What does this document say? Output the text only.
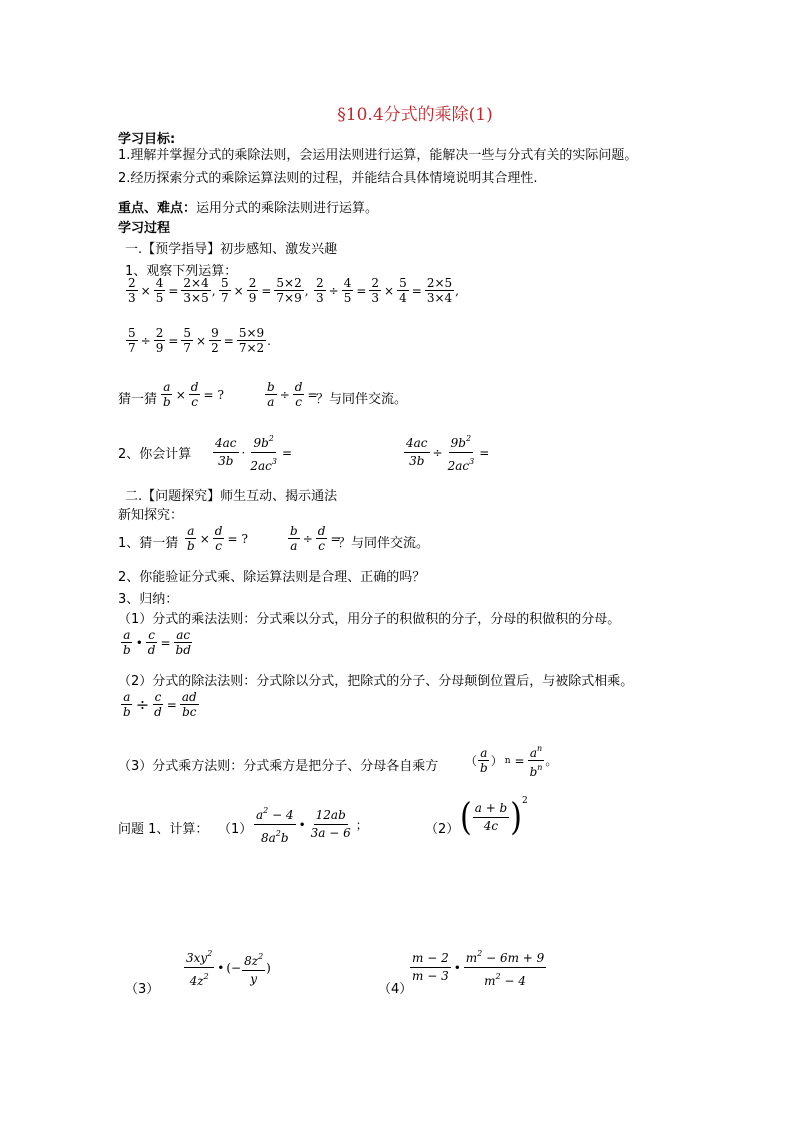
§10.4分式的乘除(1)
学习目标:
1.理解并掌握分式的乘除法则，会运用法则进行运算，能解决一些与分式有关的实际问题。
2.经历探索分式的乘除运算法则的过程，并能结合具体情境说明其合理性.
重点、难点：运用分式的乘除法则进行运算。
学习过程
一.【预学指导】初步感知、激发兴趣
1、观察下列运算：
$\frac{2}{3} \times \frac{4}{5} = \frac{2\times 4}{3\times 5}$ , $\frac{5}{7} \times \frac{2}{9} = \frac{5\times 2}{7\times 9}$ , $\frac{2}{3} \div \frac{4}{5} = \frac{2}{3} \times \frac{5}{4} = \frac{2\times 5}{3\times 4}$ ,
$\frac{5}{7} \div \frac{2}{9} = \frac{5}{7} \times \frac{9}{2} = \frac{5\times 9}{7\times 2}$ .
猜一猜 $\frac{a}{b} \times \frac{d}{c}$ = ?	$\frac{b}{a} \div \frac{d}{c}$ =
？与同伴交流。
2、你会计算
4ac
3b
· $\frac{9b^2}{2ac^3}$ =	$\frac{4ac}{3b} \div \frac{9b^2}{2ac^3}$ =
二.【问题探究】师生互动、揭示通法
新知探究：
1、猜一猜 $\frac{a}{b} \times \frac{d}{c}$ = ?	$\frac{b}{a} \div \frac{d}{c}$ =
？与同伴交流。
2、你能验证分式乘、除运算法则是合理、正确的吗？
3、归纳：
（1）分式的乘法法则：分式乘以分式，用分子的积做积的分子，分母的积做积的分母。
a
b
• $\frac{c}{d} = \frac{ac}{bd}$
（2）分式的除法法则：分式除以分式，把除式的分子、分母颠倒位置后，与被除式相乘。
$\frac{a}{b} \div \frac{c}{d} = \frac{ad}{bc}$
（3）分式乘方法则：分式乘方是把分子、分母各自乘方 （
a
b ） $n = \frac{a^n}{b^n}$ 。
问题 1、计算： （1）
$a^2 - 4$
$8a^2b$
•
12ab
3a − 6
；	（2） ( a + b
4c ) 2
（3）
$3xy^2$
$4z^2$
• (− $\frac{8z^2}{y}$ )
（4）
m − 2
m − 3
•
$m^2 - 6m + 9$
$m^2 - 4$
